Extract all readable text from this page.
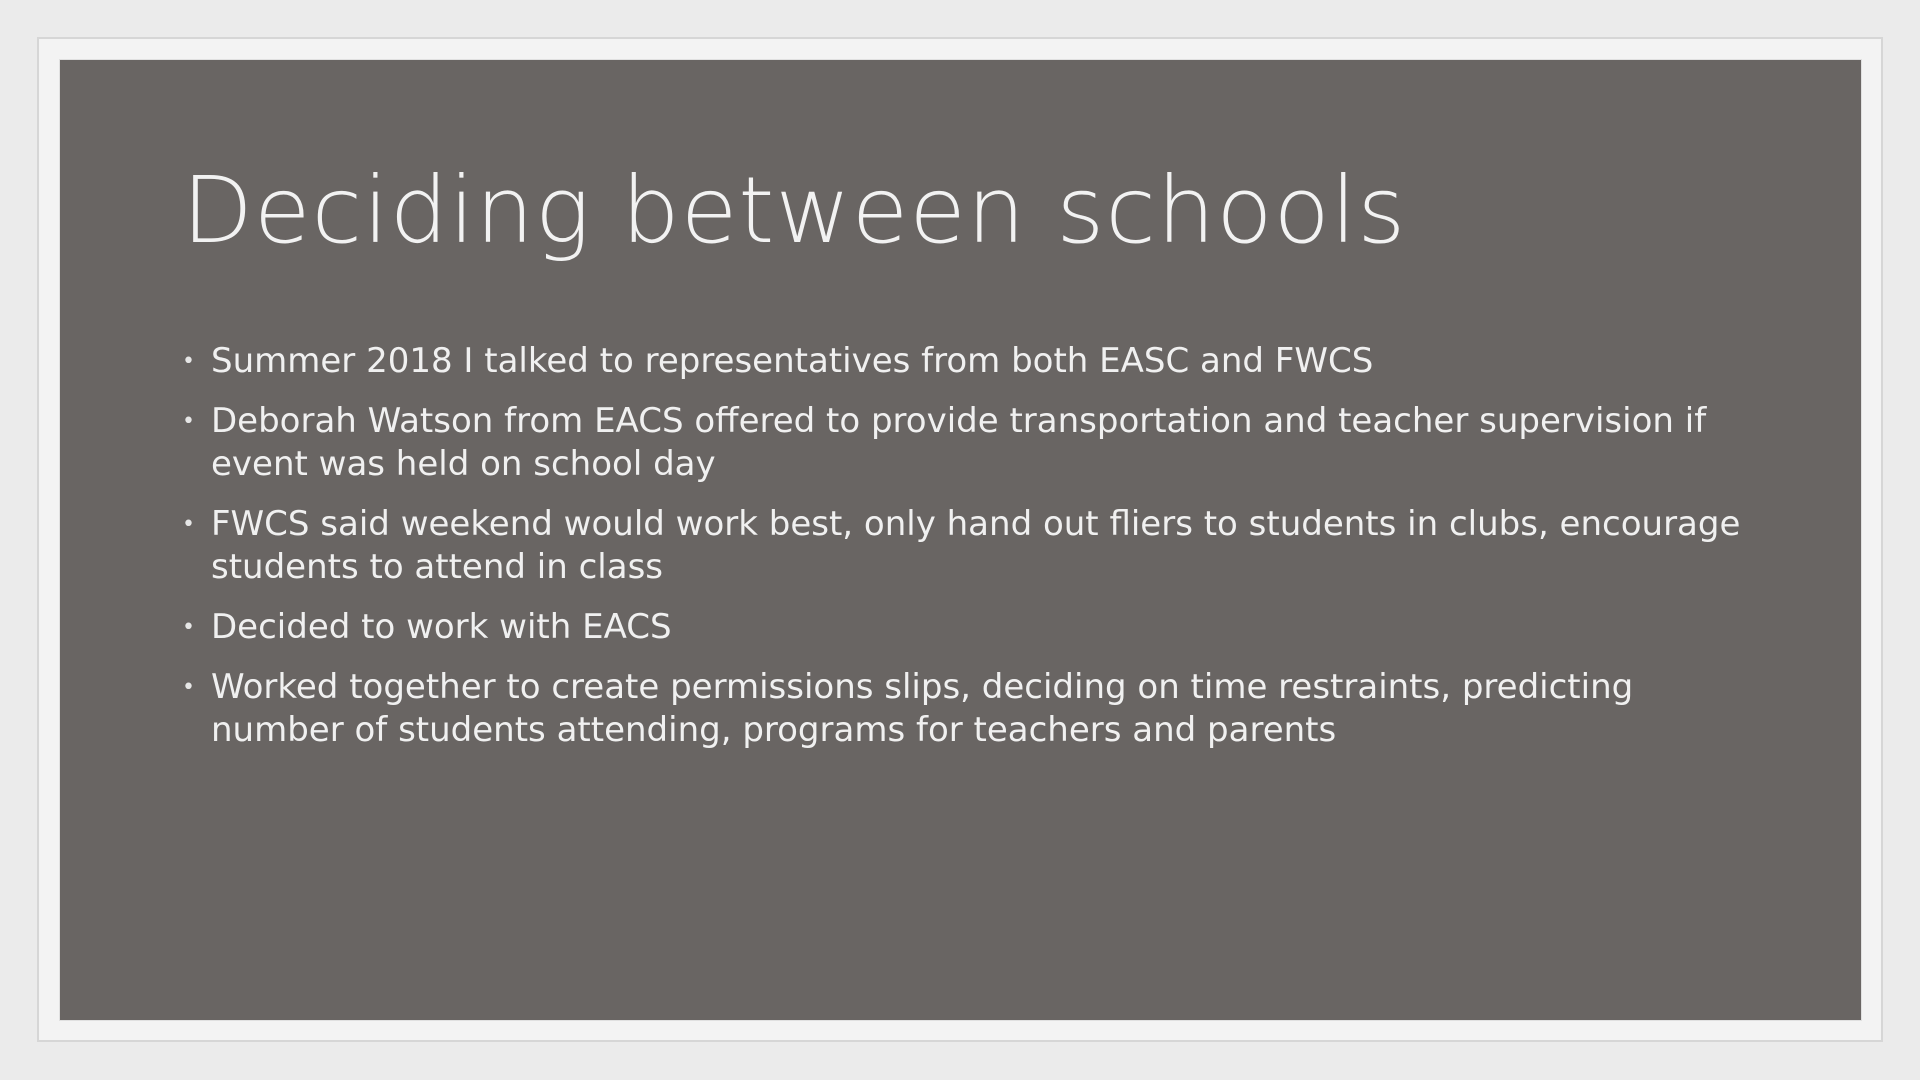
Deciding between schools
• Summer 2018 I talked to representatives from both EASC and FWCS
• Deborah Watson from EACS offered to provide transportation and teacher supervision if event was held on school day
• FWCS said weekend would work best, only hand out fliers to students in clubs, encourage students to attend in class
• Decided to work with EACS
• Worked together to create permissions slips, deciding on time restraints, predicting number of students attending, programs for teachers and parents
